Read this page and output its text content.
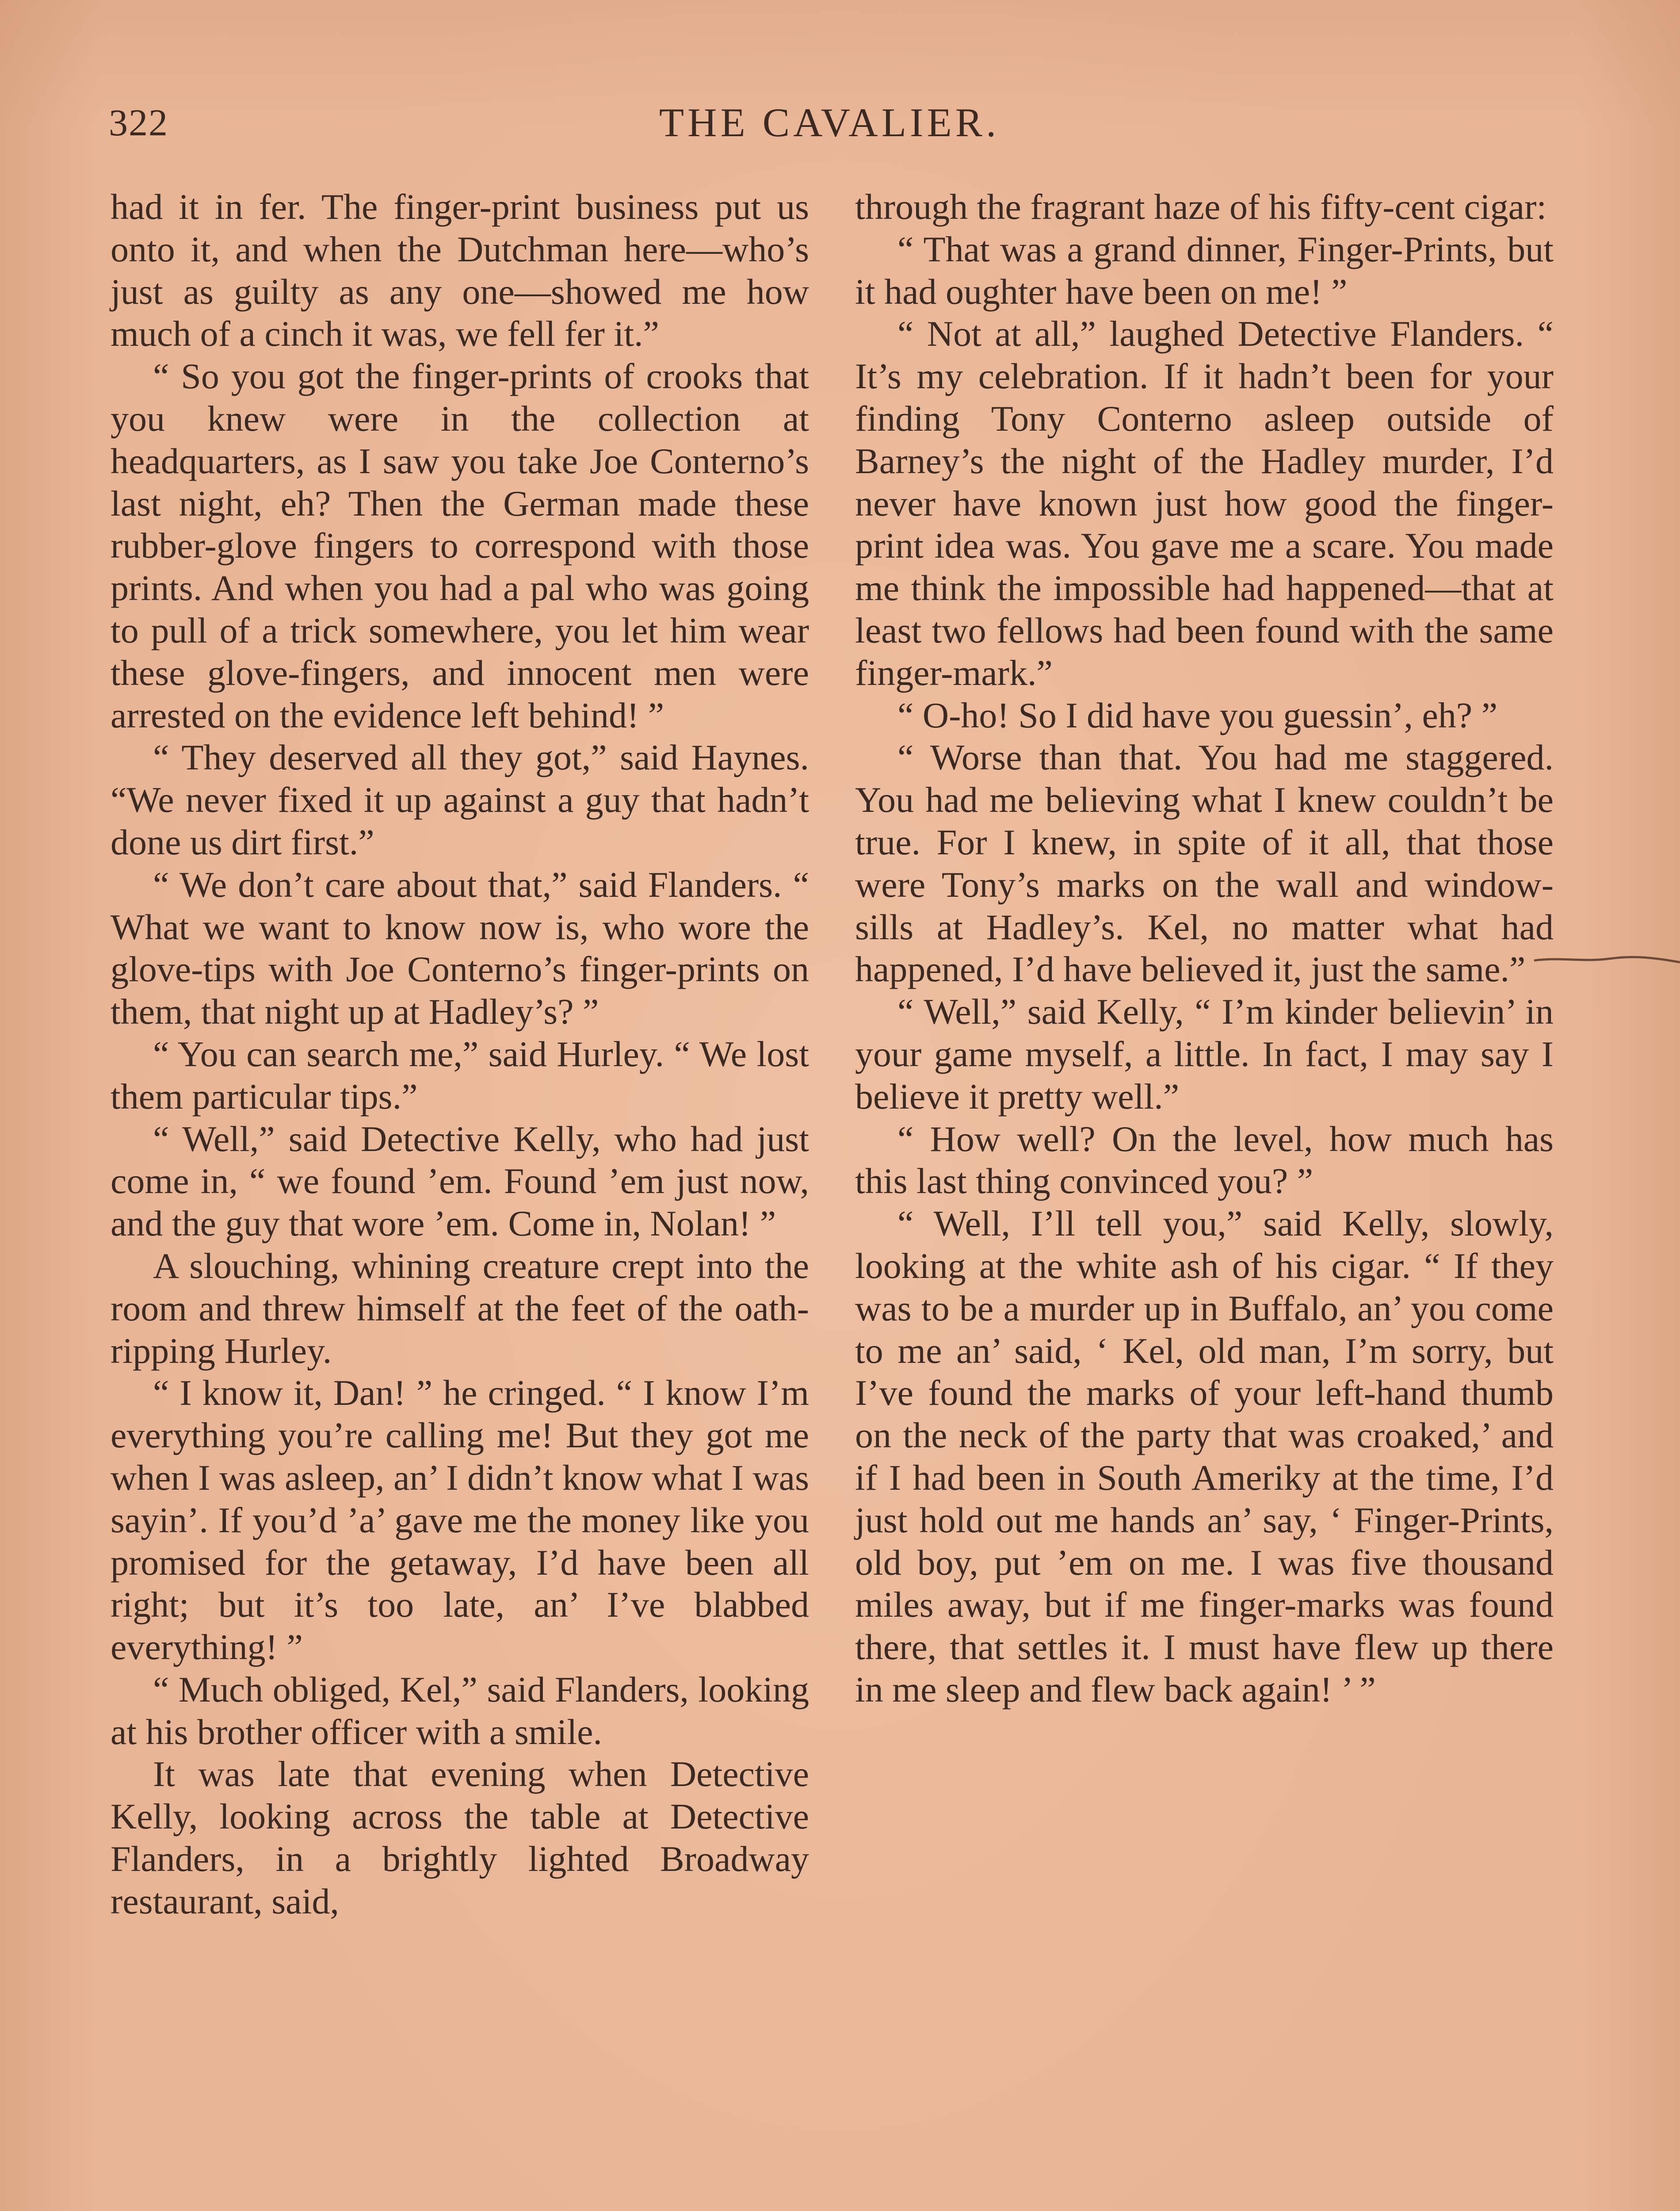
322	THE CAVALIER.

had it in fer. The finger-print business put us onto it, and when the Dutchman here—who’s just as guilty as any one—showed me how much of a cinch it was, we fell fer it.”

“ So you got the finger-prints of crooks that you knew were in the collection at headquarters, as I saw you take Joe Conterno’s last night, eh? Then the German made these rubber-glove fingers to correspond with those prints. And when you had a pal who was going to pull of a trick somewhere, you let him wear these glove-fingers, and innocent men were arrested on the evidence left behind! ”

“ They deserved all they got,” said Haynes. “We never fixed it up against a guy that hadn’t done us dirt first.”

“ We don’t care about that,” said Flanders. “ What we want to know now is, who wore the glove-tips with Joe Conterno’s finger-prints on them, that night up at Hadley’s? ”

“ You can search me,” said Hurley. “ We lost them particular tips.”

“ Well,” said Detective Kelly, who had just come in, “ we found ’em. Found ’em just now, and the guy that wore ’em. Come in, Nolan! ”

A slouching, whining creature crept into the room and threw himself at the feet of the oath-ripping Hurley.

“ I know it, Dan! ” he cringed. “ I know I’m everything you’re calling me! But they got me when I was asleep, an’ I didn’t know what I was sayin’. If you’d ’a’ gave me the money like you promised for the getaway, I’d have been all right; but it’s too late, an’ I’ve blabbed everything! ”

“ Much obliged, Kel,” said Flanders, looking at his brother officer with a smile.

It was late that evening when Detective Kelly, looking across the table at Detective Flanders, in a brightly lighted Broadway restaurant, said,

through the fragrant haze of his fifty-cent cigar:

“ That was a grand dinner, Finger-Prints, but it had oughter have been on me! ”

“ Not at all,” laughed Detective Flanders. “ It’s my celebration. If it hadn’t been for your finding Tony Conterno asleep outside of Barney’s the night of the Hadley murder, I’d never have known just how good the finger-print idea was. You gave me a scare. You made me think the impossible had happened—that at least two fellows had been found with the same finger-mark.”

“ O-ho! So I did have you guessin’, eh? ”

“ Worse than that. You had me staggered. You had me believing what I knew couldn’t be true. For I knew, in spite of it all, that those were Tony’s marks on the wall and window-sills at Hadley’s. Kel, no matter what had happened, I’d have believed it, just the same.”

“ Well,” said Kelly, “ I’m kinder believin’ in your game myself, a little. In fact, I may say I believe it pretty well.”

“ How well? On the level, how much has this last thing convinced you? ”

“ Well, I’ll tell you,” said Kelly, slowly, looking at the white ash of his cigar. “ If they was to be a murder up in Buffalo, an’ you come to me an’ said, ‘ Kel, old man, I’m sorry, but I’ve found the marks of your left-hand thumb on the neck of the party that was croaked,’ and if I had been in South Ameriky at the time, I’d just hold out me hands an’ say, ‘ Finger-Prints, old boy, put ’em on me. I was five thousand miles away, but if me finger-marks was found there, that settles it. I must have flew up there in me sleep and flew back again! ’ ”
